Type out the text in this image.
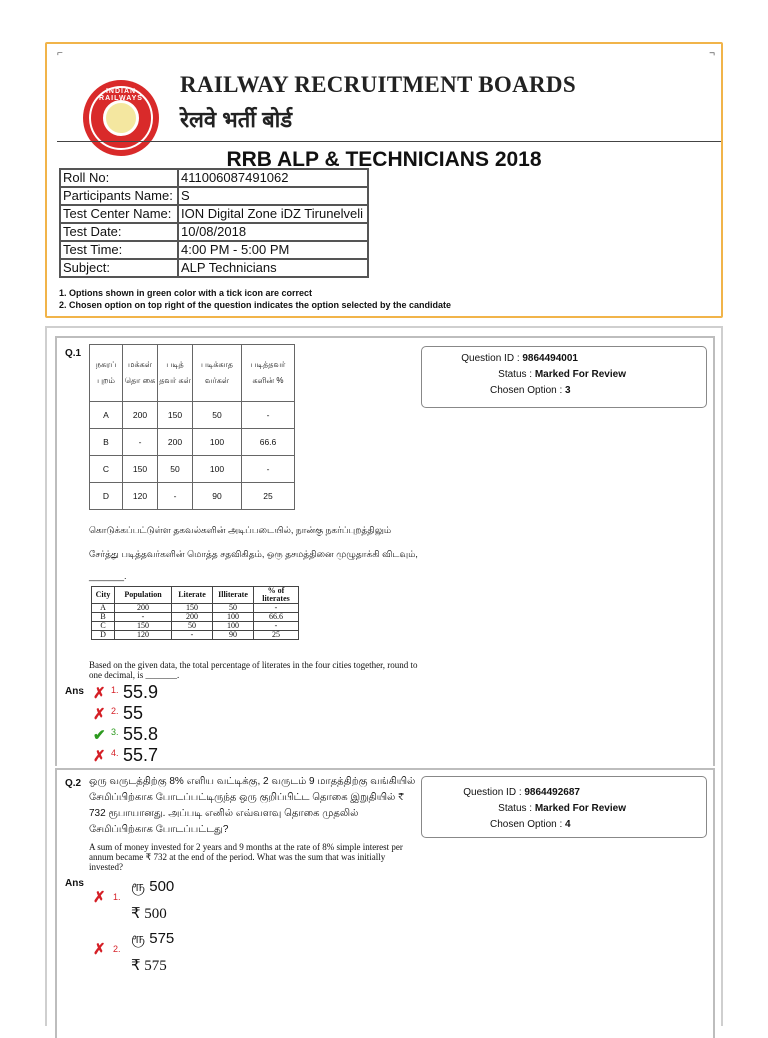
⌐	¬
INDIAN RAILWAYS
RAILWAY RECRUITMENT BOARDS
रेलवे भर्ती बोर्ड
RRB ALP & TECHNICIANS 2018
Roll No:	411006087491062
Participants Name:	S
Test Center Name:	ION Digital Zone iDZ Tirunelveli
Test Date:	10/08/2018
Test Time:	4:00 PM - 5:00 PM
Subject:	ALP Technicians
1. Options shown in green color with a tick icon are correct
2. Chosen option on top right of the question indicates the option selected by the candidate
Q.1
நகரப் புறம்	மக்கள் தொ கை	படித் தவர் கள்	படிக்காத வர்கள்	படித்தவர் களின் %
A	200	150	50	-
B	-	200	100	66.6
C	150	50	100	-
D	120	-	90	25
கொடுக்கப்பட்டுள்ள தகவல்களின் அடிப்படையில், நான்கு நகர்ப்புறத்திலும்
சேர்த்து படித்தவர்களின் மொத்த சதவிகிதம், ஒரு தசமத்தினை முழுதாக்கி விடவும்,
_______.
City	Population	Literate	Illiterate	% of literates
A	200	150	50	-
B	-	200	100	66.6
C	150	50	100	-
D	120	-	90	25
Based on the given data, the total percentage of literates in the four cities together, round to one decimal, is _______.
Question ID : 9864494001
Status : Marked For Review
Chosen Option : 3
Ans ✗ 1. 55.9
✗ 2. 55
✔ 3. 55.8
✗ 4. 55.7
Q.2 ஒரு வருடத்திற்கு 8% எளிய வட்டிக்கு, 2 வருடம் 9 மாதத்திற்கு வங்கியில் சேமிப்பிற்காக போடப்பட்டிருந்த ஒரு குறிப்பிட்ட தொகை இறுதியில் ₹ 732 ரூபாயானது. அப்படி எனில் எவ்வளவு தொகை முதலில் சேமிப்பிற்காக போடப்பட்டது?
A sum of money invested for 2 years and 9 months at the rate of 8% simple interest per annum became ₹ 732 at the end of the period. What was the sum that was initially invested?
Question ID : 9864492687
Status : Marked For Review
Chosen Option : 4
Ans
✗ 1.
ரூ 500
₹ 500
✗ 2.
ரூ 575
₹ 575
